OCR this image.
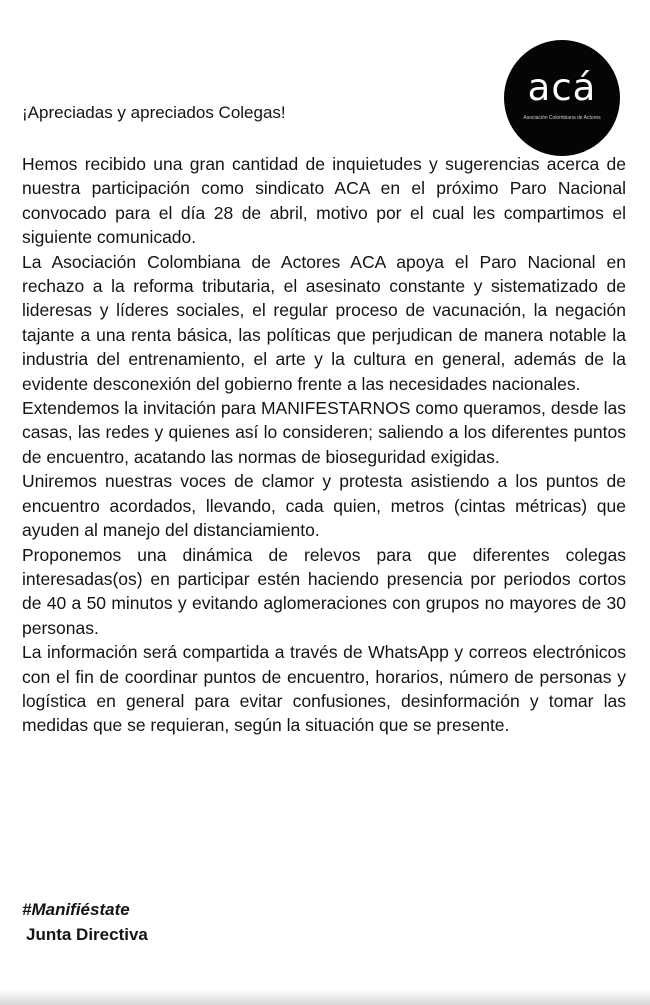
acá
Asociación Colombiana de Actores
¡Apreciadas y apreciados Colegas!

Hemos recibido una gran cantidad de inquietudes y sugerencias acerca de nuestra participación como sindicato ACA en el próximo Paro Nacional convocado para el día 28 de abril, motivo por el cual les compartimos el siguiente comunicado.

La Asociación Colombiana de Actores ACA apoya el Paro Nacional en rechazo a la reforma tributaria, el asesinato constante y sistematizado de lideresas y líderes sociales, el regular proceso de vacunación, la negación tajante a una renta básica, las políticas que perjudican de manera notable la industria del entrenamiento, el arte y la cultura en general, además de la evidente desconexión del gobierno frente a las necesidades nacionales.

Extendemos la invitación para MANIFESTARNOS como queramos, desde las casas, las redes y quienes así lo consideren; saliendo a los diferentes puntos de encuentro, acatando las normas de bioseguridad exigidas.

Uniremos nuestras voces de clamor y protesta asistiendo a los puntos de encuentro acordados, llevando, cada quien, metros (cintas métricas) que ayuden al manejo del distanciamiento.

Proponemos una dinámica de relevos para que diferentes colegas interesadas(os) en participar estén haciendo presencia por periodos cortos de 40 a 50 minutos y evitando aglomeraciones con grupos no mayores de 30 personas.

La información será compartida a través de WhatsApp y correos electrónicos con el fin de coordinar puntos de encuentro, horarios, número de personas y logística en general para evitar confusiones, desinformación y tomar las medidas que se requieran, según la situación que se presente.

#Manifiéstate
Junta Directiva
